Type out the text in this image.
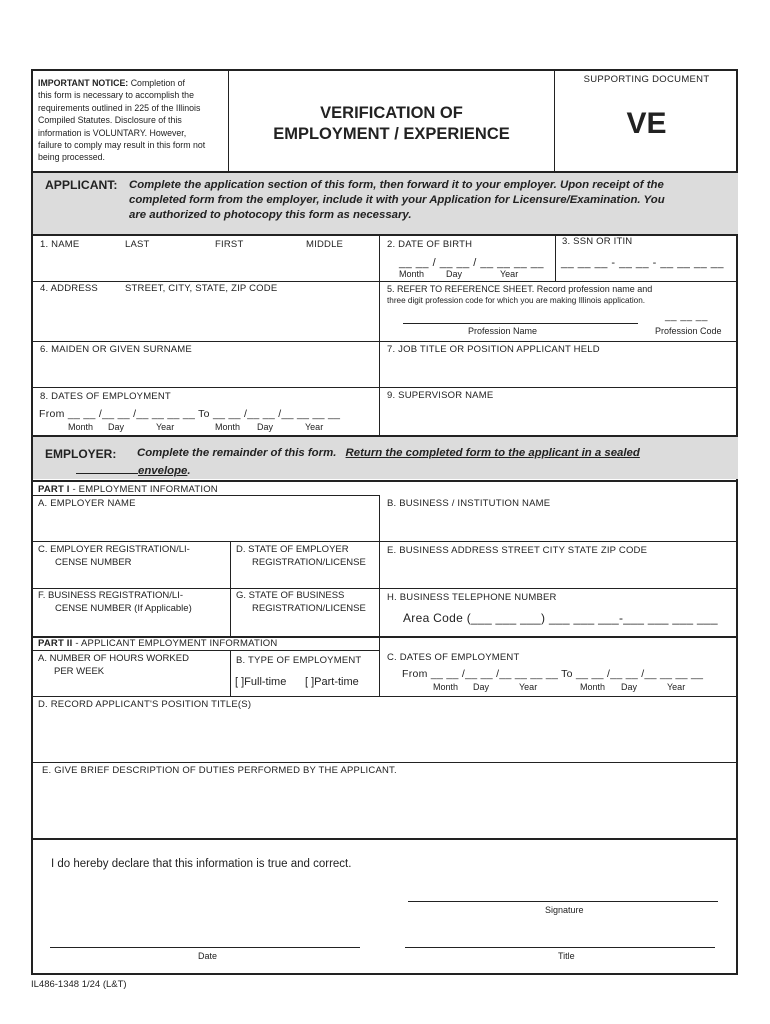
IMPORTANT NOTICE: Completion of
this form is necessary to accomplish the
requirements outlined in 225 of the Illinois
Compiled Statutes. Disclosure of this
information is VOLUNTARY. However,
failure to comply may result in this form not
being processed.
VERIFICATION OF
EMPLOYMENT / EXPERIENCE
SUPPORTING DOCUMENT
VE
APPLICANT: Complete the application section of this form, then forward it to your employer. Upon receipt of the
completed form from the employer, include it with your Application for Licensure/Examination. You
are authorized to photocopy this form as necessary.
1. NAME	LAST	FIRST	MIDDLE	2. DATE OF BIRTH
__ __ / __ __ / __ __ __ __
Month Day	Year
3. SSN OR ITIN
__ __ __ - __ __ - __ __ __ __
4. ADDRESS	STREET, CITY, STATE, ZIP CODE	5. REFER TO REFERENCE SHEET. Record profession name and
three digit profession code for which you are making Illinois application.
__ __ __
Profession Name	Profession Code
6. MAIDEN OR GIVEN SURNAME	7. JOB TITLE OR POSITION APPLICANT HELD
8. DATES OF EMPLOYMENT
From __ __ /__ __ /__ __ __ __ To __ __ /__ __ /__ __ __ __
Month Day	Year	Month Day	Year
9. SUPERVISOR NAME
EMPLOYER: Complete the remainder of this form. Return the completed form to the applicant in a sealed
envelope.
PART I - EMPLOYMENT INFORMATION
A. EMPLOYER NAME	B. BUSINESS / INSTITUTION NAME
C. EMPLOYER REGISTRATION/LI-
CENSE NUMBER
D. STATE OF EMPLOYER
REGISTRATION/LICENSE
E. BUSINESS ADDRESS STREET CITY STATE ZIP CODE
F. BUSINESS REGISTRATION/LI-
CENSE NUMBER (If Applicable)
G. STATE OF BUSINESS
REGISTRATION/LICENSE
H. BUSINESS TELEPHONE NUMBER
Area Code (___ ___ ___) ___ ___ ___-___ ___ ___ ___
PART II - APPLICANT EMPLOYMENT INFORMATION
A. NUMBER OF HOURS WORKED
PER WEEK
B. TYPE OF EMPLOYMENT
[ ]Full-time [ ]Part-time
C. DATES OF EMPLOYMENT
From __ __ /__ __ /__ __ __ __ To __ __ /__ __ /__ __ __ __
Month Day	Year	Month Day	Year
D. RECORD APPLICANT'S POSITION TITLE(S)
E. GIVE BRIEF DESCRIPTION OF DUTIES PERFORMED BY THE APPLICANT.
I do hereby declare that this information is true and correct.
Signature
Date	Title
IL486-1348 1/24 (L&T)
